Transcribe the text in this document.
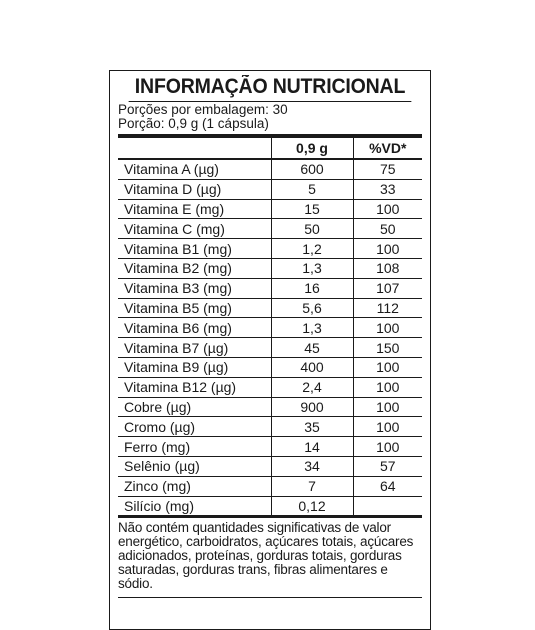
INFORMAÇÃO NUTRICIONAL
Porções por embalagem: 30
Porção: 0,9 g (1 cápsula)
	0,9 g	%VD*
Vitamina A (µg)	600	75
Vitamina D (µg)	5	33
Vitamina E (mg)	15	100
Vitamina C (mg)	50	50
Vitamina B1 (mg)	1,2	100
Vitamina B2 (mg)	1,3	108
Vitamina B3 (mg)	16	107
Vitamina B5 (mg)	5,6	112
Vitamina B6 (mg)	1,3	100
Vitamina B7 (µg)	45	150
Vitamina B9 (µg)	400	100
Vitamina B12 (µg)	2,4	100
Cobre (µg)	900	100
Cromo (µg)	35	100
Ferro (mg)	14	100
Selênio (µg)	34	57
Zinco (mg)	7	64
Silício (mg)	0,12	
Não contém quantidades significativas de valor energético, carboidratos, açúcares totais, açúcares adicionados, proteínas, gorduras totais, gorduras saturadas, gorduras trans, fibras alimentares e sódio.
